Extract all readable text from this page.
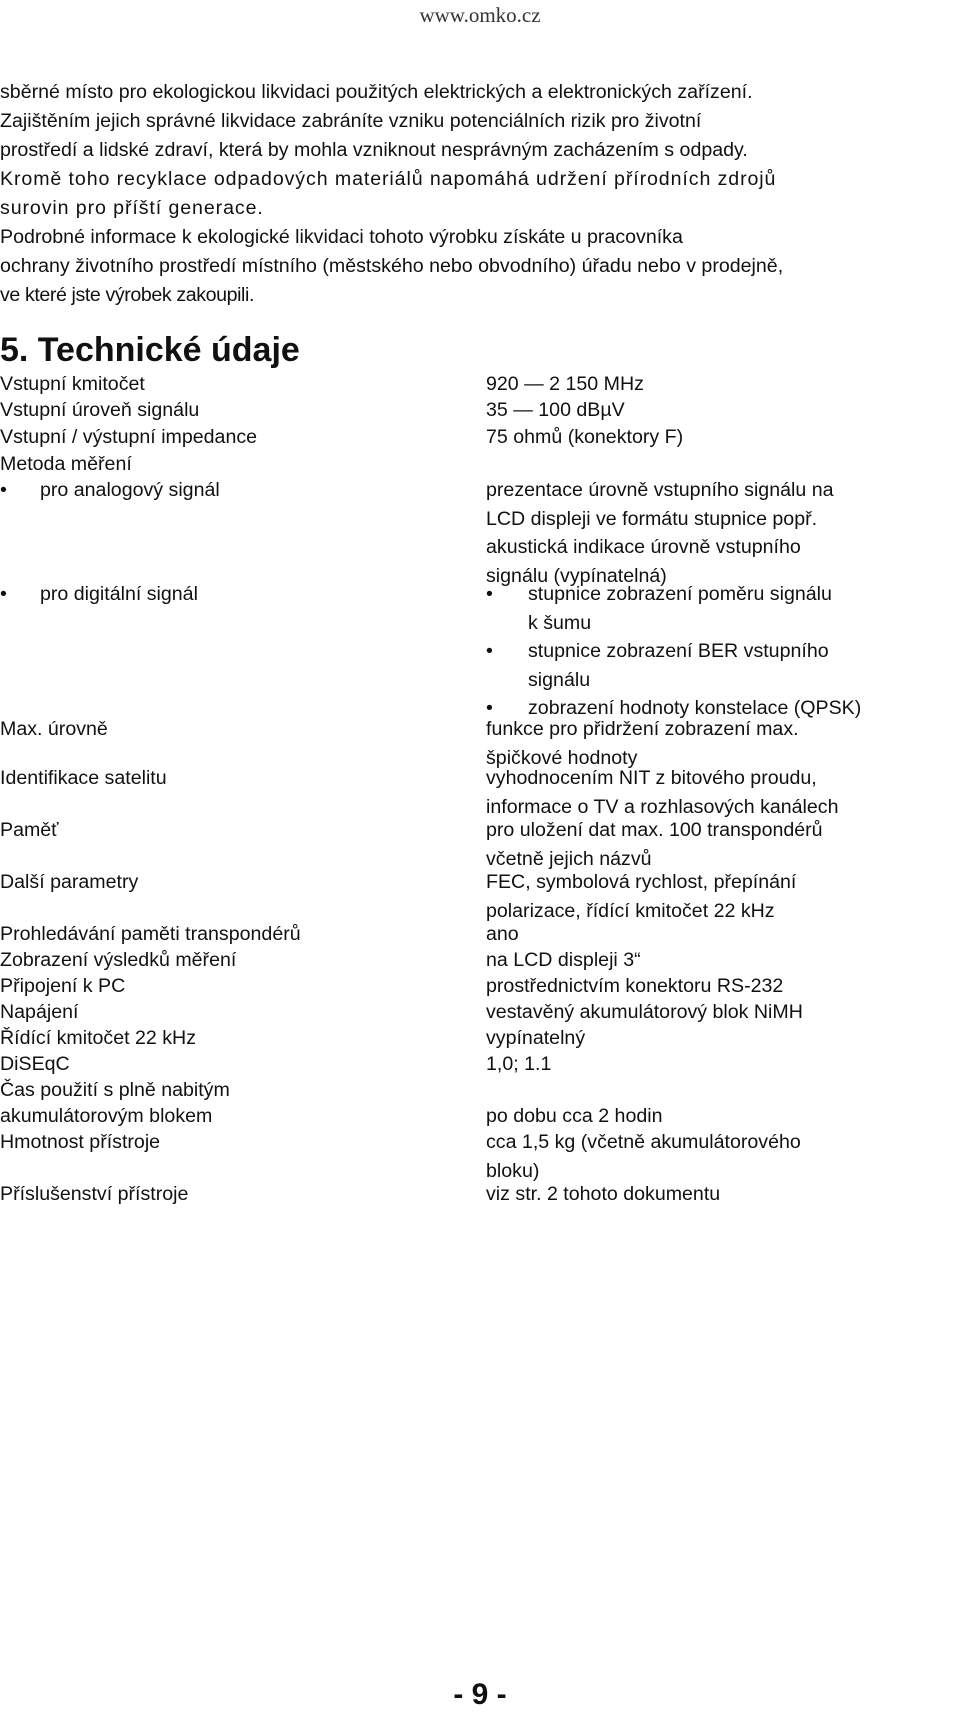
www.omko.cz

sběrné místo pro ekologickou likvidaci použitých elektrických a elektronických zařízení.

Zajištěním jejich správné likvidace zabráníte vzniku potenciálních rizik pro životní

prostředí a lidské zdraví, která by mohla vzniknout nesprávným zacházením s odpady.

Kromě toho recyklace odpadových materiálů napomáhá udržení přírodních zdrojů

surovin pro příští generace.

Podrobné informace k ekologické likvidaci tohoto výrobku získáte u pracovníka

ochrany životního prostředí místního (městského nebo obvodního) úřadu nebo v prodejně,

ve které jste výrobek zakoupili.

5. Technické údaje
Vstupní kmitočet	920 — 2 150 MHz
Vstupní úroveň signálu	35 — 100 dBµV
Vstupní / výstupní impedance	75 ohmů (konektory F)
Metoda měření
• pro analogový signál	prezentace úrovně vstupního signálu na
LCD displeji ve formátu stupnice popř.
akustická indikace úrovně vstupního
signálu (vypínatelná)
• pro digitální signál	• stupnice zobrazení poměru signálu
k šumu
• stupnice zobrazení BER vstupního
signálu
• zobrazení hodnoty konstelace (QPSK)
Max. úrovně	funkce pro přidržení zobrazení max.
špičkové hodnoty
Identifikace satelitu	vyhodnocením NIT z bitového proudu,
informace o TV a rozhlasových kanálech
Paměť	pro uložení dat max. 100 transpondérů
včetně jejich názvů
Další parametry	FEC, symbolová rychlost, přepínání
polarizace, řídící kmitočet 22 kHz
Prohledávání paměti transpondérů	ano
Zobrazení výsledků měření	na LCD displeji 3“
Připojení k PC	prostřednictvím konektoru RS-232
Napájení	vestavěný akumulátorový blok NiMH
Řídící kmitočet 22 kHz	vypínatelný
DiSEqC	1,0; 1.1
Čas použití s plně nabitým
akumulátorovým blokem	po dobu cca 2 hodin
Hmotnost přístroje	cca 1,5 kg (včetně akumulátorového
bloku)
Příslušenství přístroje	viz str. 2 tohoto dokumentu
- 9 -
